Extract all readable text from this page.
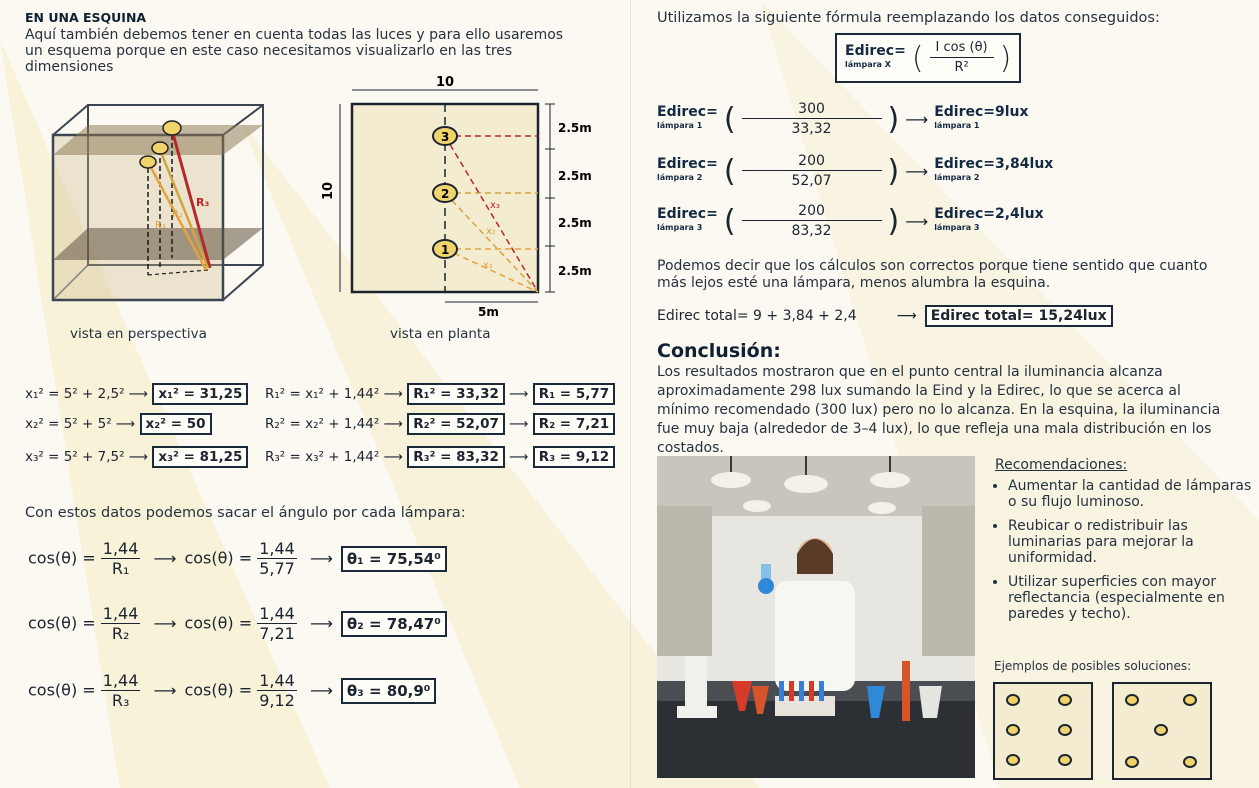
EN UNA ESQUINA
Aquí también debemos tener en cuenta todas las luces y para ello usaremos un esquema porque en este caso necesitamos visualizarlo en las tres dimensiones
R₃
R₂
R₁
vista en perspectiva
10
10
x₃
x₂
x₁
3
2
1
2.5m
2.5m
2.5m
2.5m
5m
vista en planta
x₁² = 5² + 2,5² ⟶ x₁² = 31,25
x₂² = 5² + 5² ⟶ x₂² = 50
x₃² = 5² + 7,5² ⟶ x₃² = 81,25
R₁² = x₁² + 1,44² ⟶ R₁² = 33,32 ⟶ R₁ = 5,77
R₂² = x₂² + 1,44² ⟶ R₂² = 52,07 ⟶ R₂ = 7,21
R₃² = x₃² + 1,44² ⟶ R₃² = 83,32 ⟶ R₃ = 9,12
Con estos datos podemos sacar el ángulo por cada lámpara:
$\cos(\theta) = \frac{1,44}{\text{R₁}}$ ⟶ $\cos(\theta) = \frac{1,44}{5,77}$ ⟶ θ₁ = 75,54⁰
$\cos(\theta) = \frac{1,44}{\text{R₂}}$ ⟶ $\cos(\theta) = \frac{1,44}{7,21}$ ⟶ θ₂ = 78,47⁰
$\cos(\theta) = \frac{1,44}{\text{R₃}}$ ⟶ $\cos(\theta) = \frac{1,44}{9,12}$ ⟶ θ₃ = 80,9⁰
Utilizamos la siguiente fórmula reemplazando los datos conseguidos:
Edirec=
lámpara X ( $\frac{\text{I cos (θ)}}{\text{R²}}$ )
Edirec=
lámpara 1 ( $\frac{300}{33,32}$ ) ⟶ Edirec=9lux
lámpara 1
Edirec=
lámpara 2 ( $\frac{200}{52,07}$ ) ⟶ Edirec=3,84lux
lámpara 2
Edirec=
lámpara 3 ( $\frac{200}{83,32}$ ) ⟶ Edirec=2,4lux
lámpara 3
Podemos decir que los cálculos son correctos porque tiene sentido que cuanto más lejos esté una lámpara, menos alumbra la esquina.
Edirec total= 9 + 3,84 + 2,4	⟶ Edirec total= 15,24lux
Conclusión:
Los resultados mostraron que en el punto central la iluminancia alcanza aproximadamente 298 lux sumando la Eind y la Edirec, lo que se acerca al mínimo recomendado (300 lux) pero no lo alcanza. En la esquina, la iluminancia fue muy baja (alrededor de 3–4 lux), lo que refleja una mala distribución en los costados.
Recomendaciones:
• Aumentar la cantidad de lámparas o su flujo luminoso.
• Reubicar o redistribuir las luminarias para mejorar la uniformidad.
• Utilizar superficies con mayor reflectancia (especialmente en paredes y techo).
Ejemplos de posibles soluciones:
